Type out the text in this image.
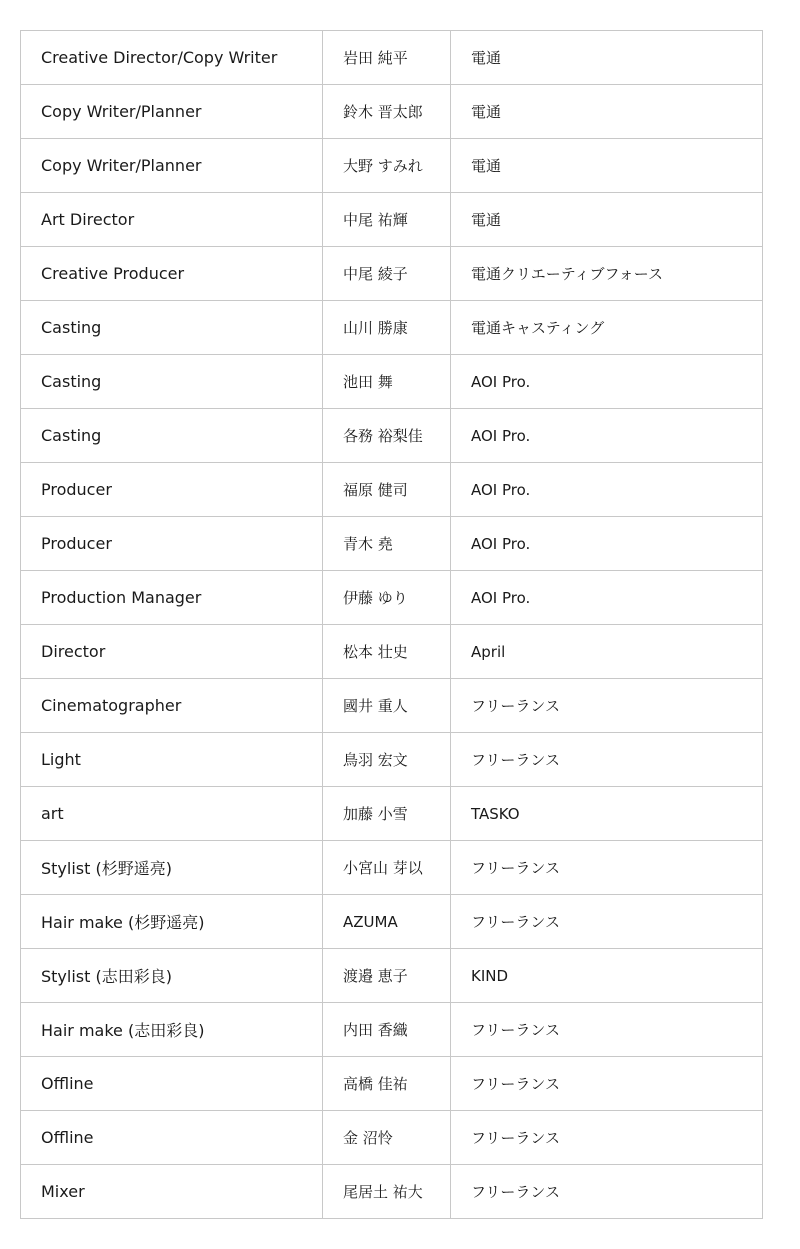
Creative Director/Copy Writer	岩田 純平	電通
Copy Writer/Planner	鈴木 晋太郎	電通
Copy Writer/Planner	大野 すみれ	電通
Art Director	中尾 祐輝	電通
Creative Producer	中尾 綾子	電通クリエーティブフォース
Casting	山川 勝康	電通キャスティング
Casting	池田 舞	AOI Pro.
Casting	各務 裕梨佳	AOI Pro.
Producer	福原 健司	AOI Pro.
Producer	青木 堯	AOI Pro.
Production Manager	伊藤 ゆり	AOI Pro.
Director	松本 壮史	April
Cinematographer	國井 重人	フリーランス
Light	鳥羽 宏文	フリーランス
art	加藤 小雪	TASKO
Stylist (杉野遥亮)	小宮山 芽以	フリーランス
Hair make (杉野遥亮)	AZUMA	フリーランス
Stylist (志田彩良)	渡邉 恵子	KIND
Hair make (志田彩良)	内田 香織	フリーランス
Offline	高橋 佳祐	フリーランス
Offline	金 沼怜	フリーランス
Mixer	尾居土 祐大	フリーランス
